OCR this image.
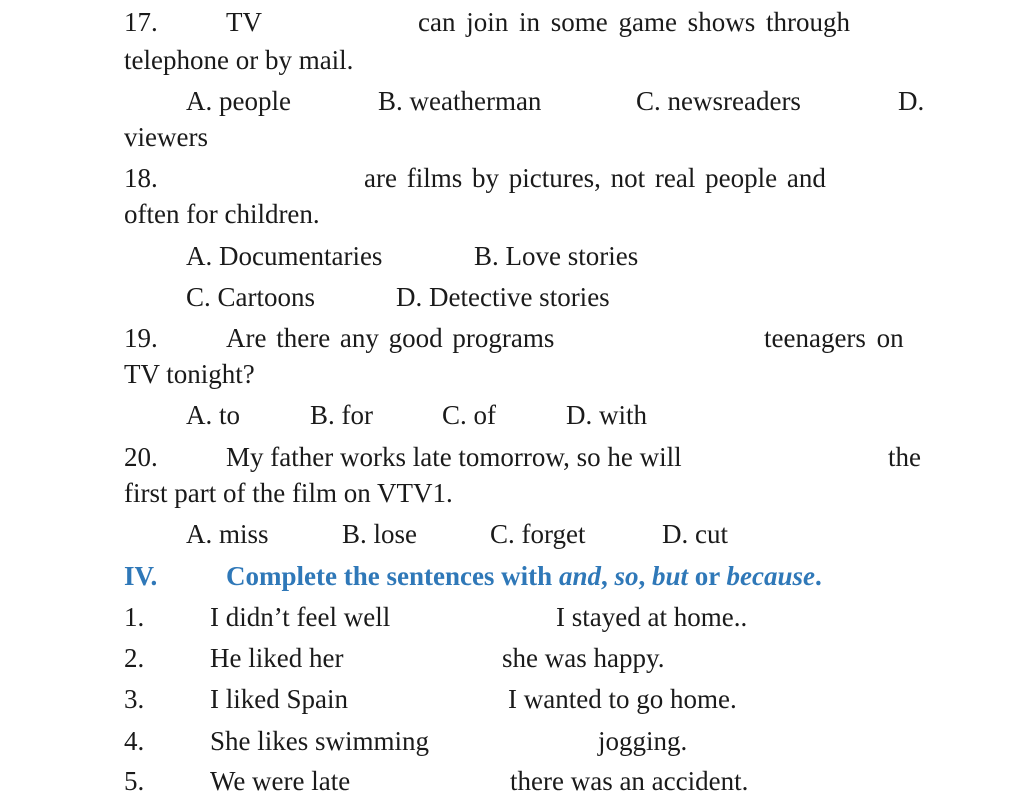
17.	TV	can join in some game shows through
telephone or by mail.
A. people	B. weatherman	C. newsreaders	D.
viewers
18.	are films by pictures, not real people and
often for children.
A. Documentaries	B. Love stories
C. Cartoons	D. Detective stories
19.	Are there any good programs	teenagers on
TV tonight?
A. to	B. for	C. of	D. with
20.	My father works late tomorrow, so he will	the
first part of the film on VTV1.
A. miss	B. lose	C. forget	D. cut
IV.	Complete the sentences with and, so, but or because.
1. I didn’t feel well	I stayed at home..
2. He liked her	she was happy.
3. I liked Spain	I wanted to go home.
4. She likes swimming	jogging.
5. We were late	there was an accident.
